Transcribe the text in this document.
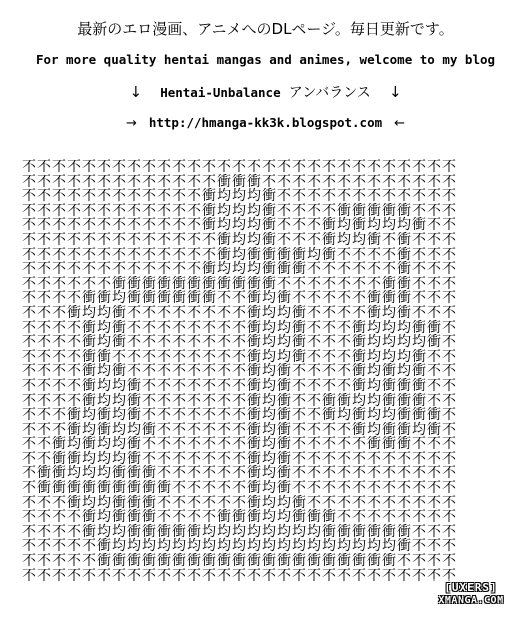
最新のエロ漫画、アニメへのDLページ。毎日更新です。
For more quality hentai mangas and animes, welcome to my blog
↓ Hentai-Unbalance アンバランス ↓
→ http://hmanga-kk3k.blogspot.com ←
不不不不不不不不不不不不不不不不不不不不不不不不不不不不不
不不不不不不不不不不不不不衝衝衝不不不不不不不不不不不不不
不不不不不不不不不不不不衝均均均衝不不不不不不不不不不不不
不不不不不不不不不不不不衝均均均衝不不不不衝衝衝衝衝不不不
不不不不不不不不不不不不衝均均均衝不不不衝均衝均均均衝不不
不不不不不不不不不不不不不衝均均衝不不不衝均均衝不衝不不不
不不不不不不不不不不不不不衝均衝衝衝衝均衝不不不不衝不不不
不不不不不不不不不不不不衝均均均衝衝衝不不不不不不衝不不不
不不不不不不衝衝衝衝衝衝衝衝衝衝衝不不不不不不不衝衝不不不
不不不不衝衝均衝衝衝衝衝衝不不衝均衝不不不不不衝衝衝不不不
不不不衝均均衝不不不不不不不不衝均均衝不不不不衝均衝不不不
不不不不衝均衝不不不不不不不不衝均均衝不不不衝均均均衝衝不
不不不不衝均衝不不不不不不不不衝均均衝不不不衝均均均均衝不
不不不不衝衝不不不不不不不不不衝均均衝不不不衝均均均衝不不
不不不不衝均衝不不不不不不不不衝均衝不不不不衝均衝均衝不不
不不不不衝均均衝不不不不不不不衝均衝不不不不衝均衝衝衝不不
不不不不衝均均衝不不不不不不不衝均衝不不衝衝均均衝衝衝不不
不不不衝均衝均衝不不不不不不不衝均衝不不衝均衝均均衝衝衝不
不不不衝均衝均均衝不不不不不不衝均衝不不不不衝均衝衝均衝不
不不衝均衝均均衝不不不不不不不衝均衝不不不不不衝衝衝不不不
不不衝衝均均均衝不不不不不不不衝均衝不不不不不不不不不不不
不衝衝均均均衝衝衝不不不不不不衝均衝不不不不不不不不不不不
不衝衝衝衝衝衝衝衝衝不不不不不衝均衝不不不不不不不不不不不
不不不衝均均衝衝衝不不不不不不衝均均衝不不不不不不不不不不
不不不不衝均衝衝衝不不不不衝衝衝均均衝衝衝不不不不不不不不
不不不不衝均均衝衝衝衝衝均均均均均均均均衝衝衝衝衝衝不不不
不不不不不衝均均均均均均均均均均均均均均均均均均均衝不不不
不不不不不衝衝衝衝衝衝衝衝衝衝衝衝衝衝衝衝衝衝衝衝不不不不
不不不不不不不不不不不不不不不不不不不不不不不不不不不不不
[UXERS]
XMANGA.COM
